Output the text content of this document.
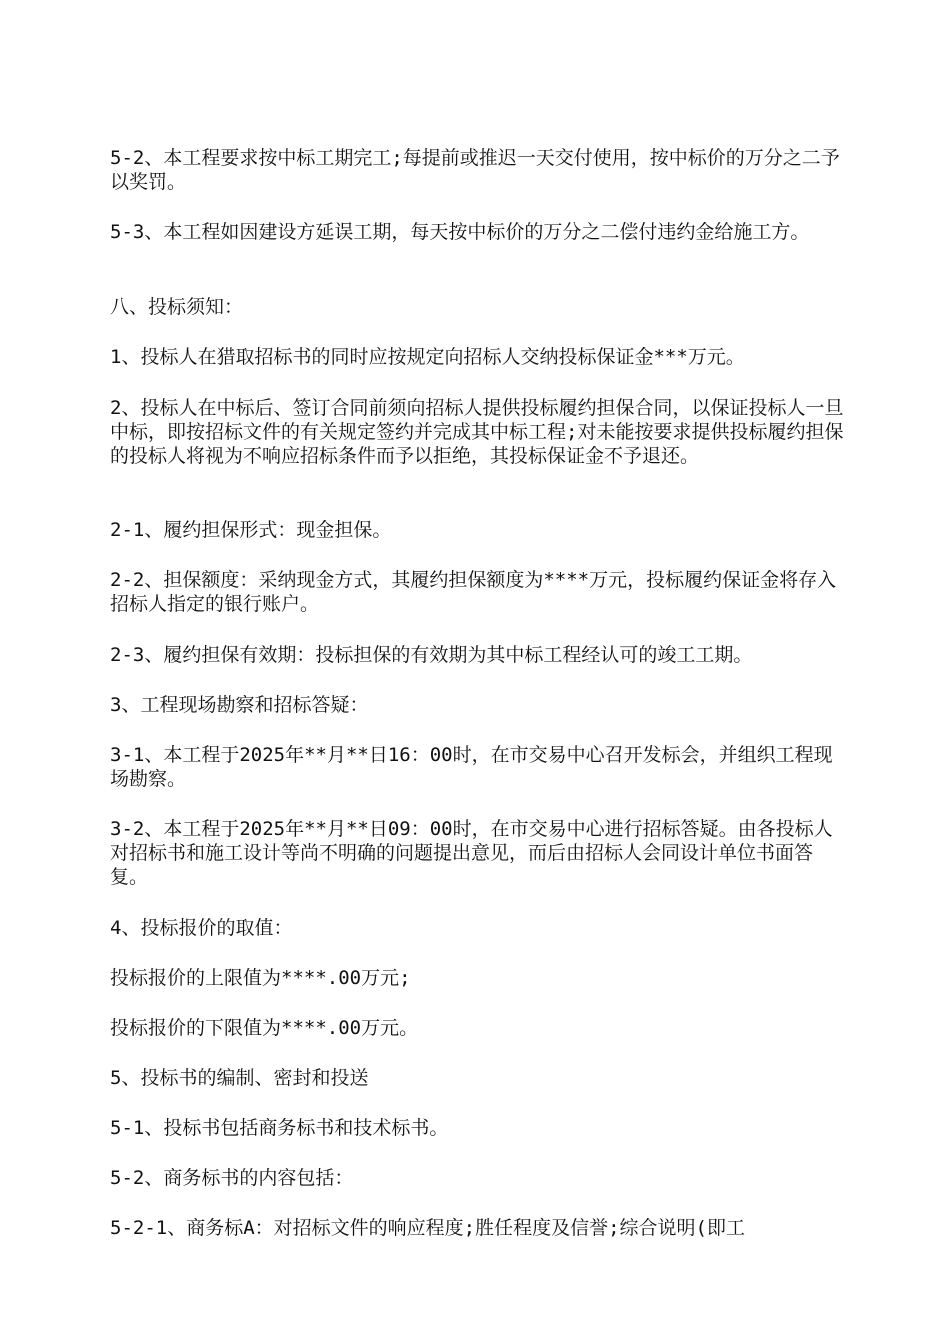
5-2、本工程要求按中标工期完工;每提前或推迟一天交付使用，按中标价的万分之二予以奖罚。

5-3、本工程如因建设方延误工期，每天按中标价的万分之二偿付违约金给施工方。

八、投标须知：

1、投标人在猎取招标书的同时应按规定向招标人交纳投标保证金***万元。

2、投标人在中标后、签订合同前须向招标人提供投标履约担保合同，以保证投标人一旦中标，即按招标文件的有关规定签约并完成其中标工程;对未能按要求提供投标履约担保的投标人将视为不响应招标条件而予以拒绝，其投标保证金不予退还。

2-1、履约担保形式：现金担保。

2-2、担保额度：采纳现金方式，其履约担保额度为****万元，投标履约保证金将存入招标人指定的银行账户。

2-3、履约担保有效期：投标担保的有效期为其中标工程经认可的竣工工期。

3、工程现场勘察和招标答疑：

3-1、本工程于2025年**月**日16：00时，在市交易中心召开发标会，并组织工程现场勘察。

3-2、本工程于2025年**月**日09：00时，在市交易中心进行招标答疑。由各投标人对招标书和施工设计等尚不明确的问题提出意见，而后由招标人会同设计单位书面答复。

4、投标报价的取值：

投标报价的上限值为****.00万元;

投标报价的下限值为****.00万元。

5、投标书的编制、密封和投送

5-1、投标书包括商务标书和技术标书。

5-2、商务标书的内容包括：

5-2-1、商务标A：对招标文件的响应程度;胜任程度及信誉;综合说明(即工
